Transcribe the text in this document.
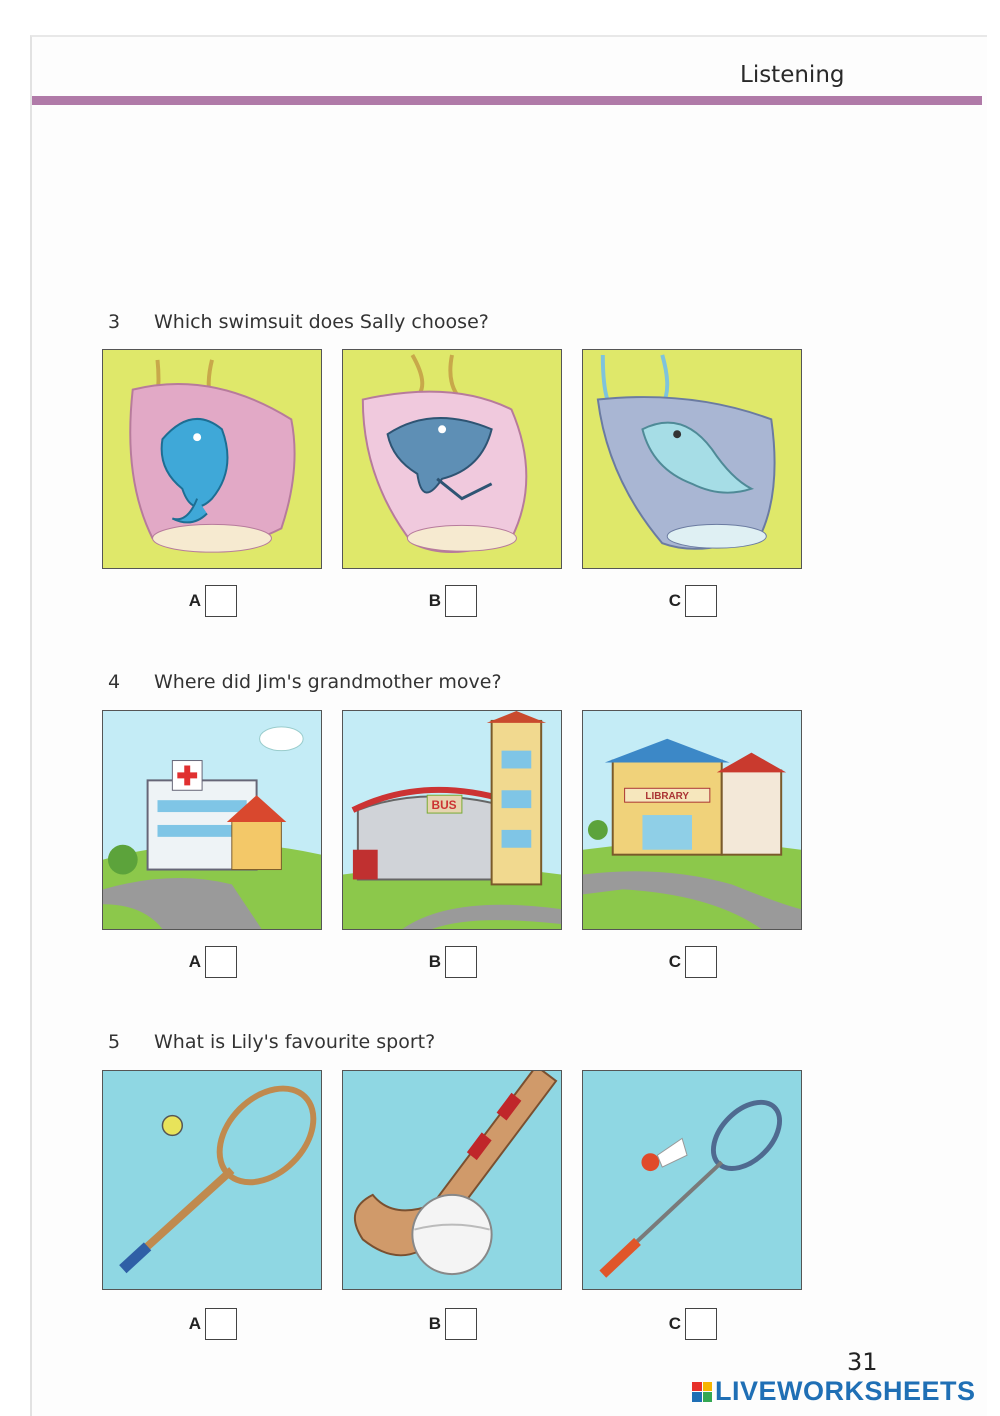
Listening
3 Which swimsuit does Sally choose?
A	B	C
4 Where did Jim's grandmother move?
BUS
LIBRARY
A	B	C
5 What is Lily's favourite sport?
A	B	C
31
LIVEWORKSHEETS
